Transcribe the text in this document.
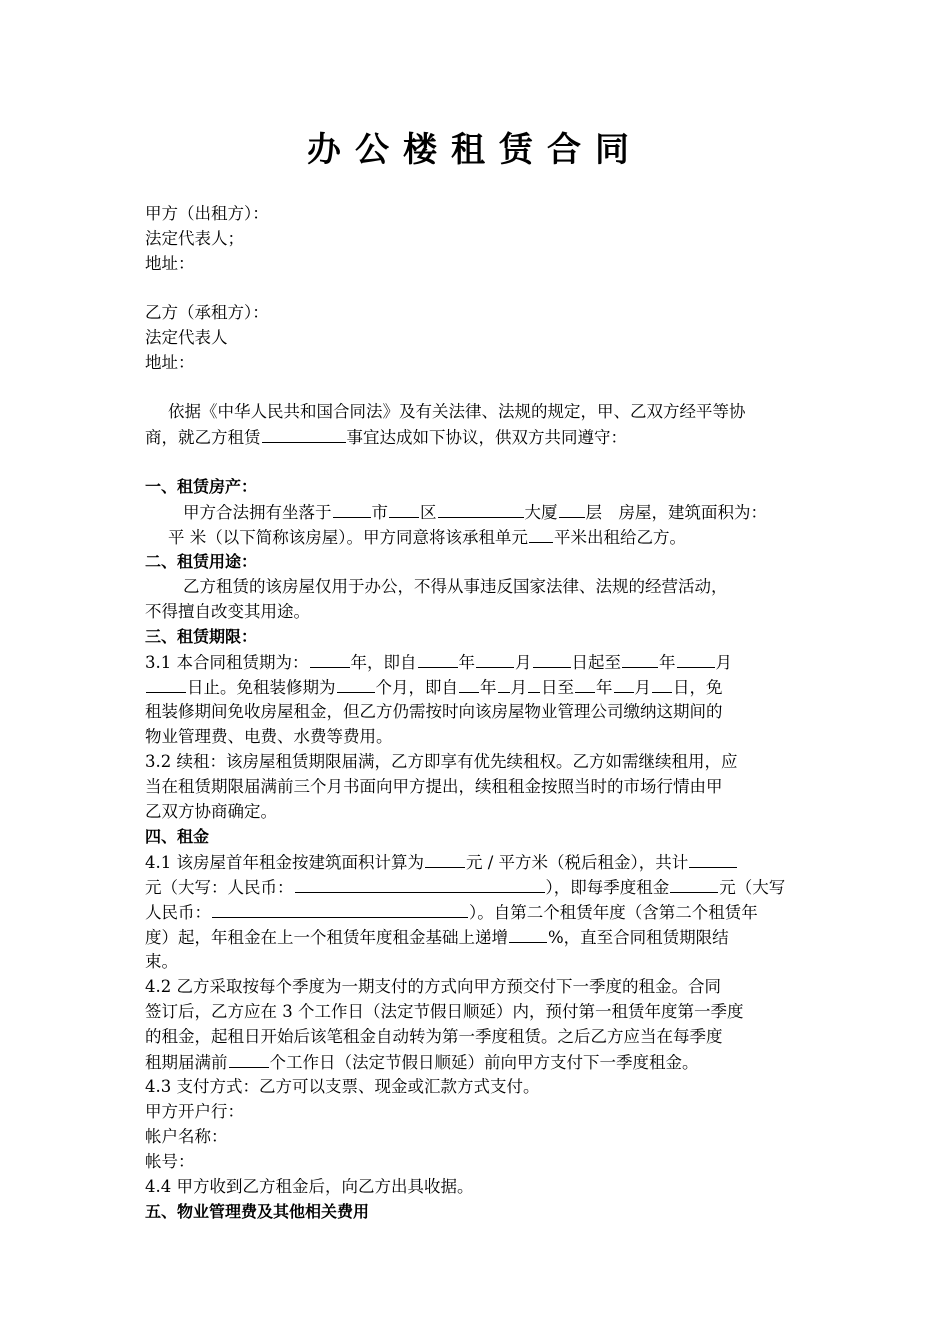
办公楼租赁合同
甲方（出租方）：
法定代表人；
地址：
乙方（承租方）：
法定代表人
地址：
依据《中华人民共和国合同法》及有关法律、法规的规定，甲、乙双方经平等协
商，就乙方租赁	事宜达成如下协议，供双方共同遵守：
一、租赁房产：
甲方合法拥有坐落于 市 区	大厦 层　房屋，建筑面积为：
平 米（以下简称该房屋）。甲方同意将该承租单元 平米出租给乙方。
二、租赁用途：
乙方租赁的该房屋仅用于办公，不得从事违反国家法律、法规的经营活动，
不得擅自改变其用途。
三、租赁期限：
3.1 本合同租赁期为：	年，即自	年 月 日起至 年 月
日止。免租装修期为 个月，即自 年 月 日至 年 月 日，免
租装修期间免收房屋租金，但乙方仍需按时向该房屋物业管理公司缴纳这期间的
物业管理费、电费、水费等费用。
3.2 续租：该房屋租赁期限届满，乙方即享有优先续租权。乙方如需继续租用，应
当在租赁期限届满前三个月书面向甲方提出，续租租金按照当时的市场行情由甲
乙双方协商确定。
四、租金
4.1 该房屋首年租金按建筑面积计算为	元 / 平方米（税后租金），共计
元（大写：人民币：	），即每季度租金	元（大写
人民币：	）。自第二个租赁年度（含第二个租赁年
度）起，年租金在上一个租赁年度租金基础上递增 %，直至合同租赁期限结
束。
4.2 乙方采取按每个季度为一期支付的方式向甲方预交付下一季度的租金。合同
签订后，乙方应在 3 个工作日（法定节假日顺延）内，预付第一租赁年度第一季度
的租金，起租日开始后该笔租金自动转为第一季度租赁。之后乙方应当在每季度
租期届满前	个工作日（法定节假日顺延）前向甲方支付下一季度租金。
4.3 支付方式：乙方可以支票、现金或汇款方式支付。
甲方开户行：
帐户名称：
帐号：
4.4 甲方收到乙方租金后，向乙方出具收据。
五、物业管理费及其他相关费用
